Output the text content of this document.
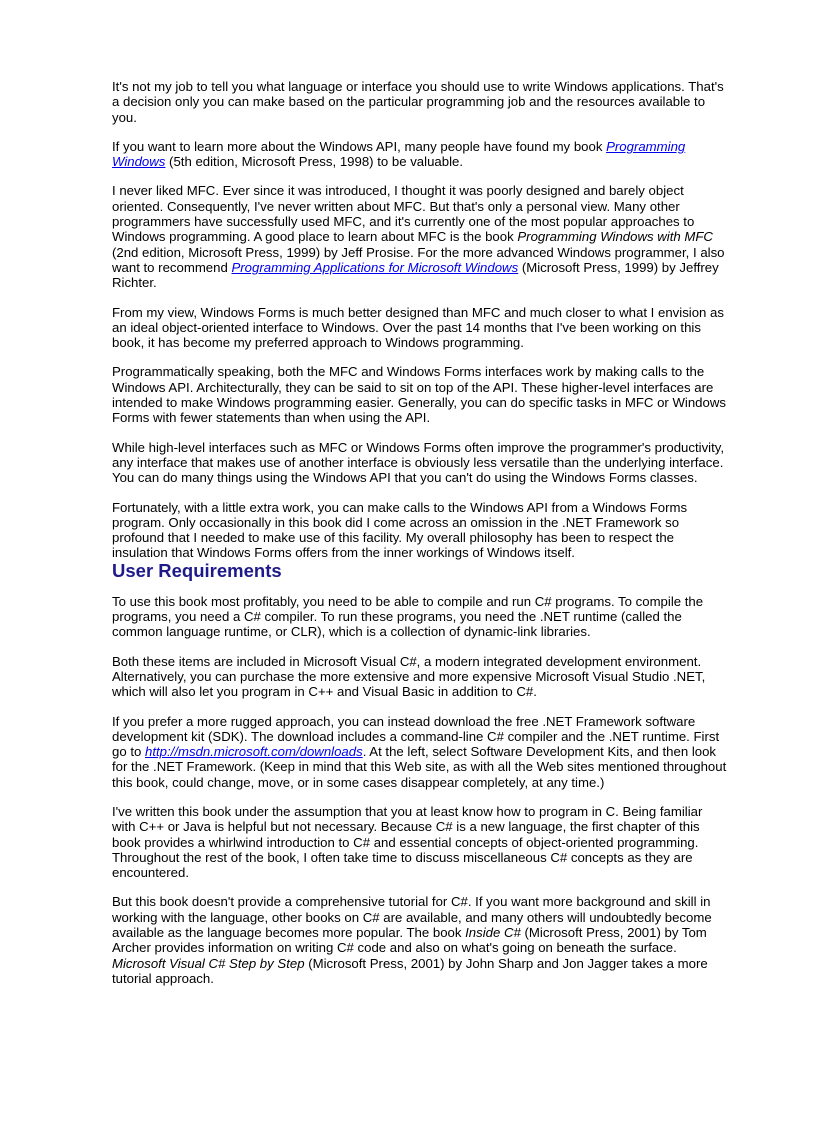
It's not my job to tell you what language or interface you should use to write Windows applications. That's a decision only you can make based on the particular programming job and the resources available to you.

If you want to learn more about the Windows API, many people have found my book Programming Windows (5th edition, Microsoft Press, 1998) to be valuable.

I never liked MFC. Ever since it was introduced, I thought it was poorly designed and barely object oriented. Consequently, I've never written about MFC. But that's only a personal view. Many other programmers have successfully used MFC, and it's currently one of the most popular approaches to Windows programming. A good place to learn about MFC is the book Programming Windows with MFC (2nd edition, Microsoft Press, 1999) by Jeff Prosise. For the more advanced Windows programmer, I also want to recommend Programming Applications for Microsoft Windows (Microsoft Press, 1999) by Jeffrey Richter.

From my view, Windows Forms is much better designed than MFC and much closer to what I envision as an ideal object-oriented interface to Windows. Over the past 14 months that I've been working on this book, it has become my preferred approach to Windows programming.

Programmatically speaking, both the MFC and Windows Forms interfaces work by making calls to the Windows API. Architecturally, they can be said to sit on top of the API. These higher-level interfaces are intended to make Windows programming easier. Generally, you can do specific tasks in MFC or Windows Forms with fewer statements than when using the API.

While high-level interfaces such as MFC or Windows Forms often improve the programmer's productivity, any interface that makes use of another interface is obviously less versatile than the underlying interface. You can do many things using the Windows API that you can't do using the Windows Forms classes.

Fortunately, with a little extra work, you can make calls to the Windows API from a Windows Forms program. Only occasionally in this book did I come across an omission in the .NET Framework so profound that I needed to make use of this facility. My overall philosophy has been to respect the insulation that Windows Forms offers from the inner workings of Windows itself.

User Requirements

To use this book most profitably, you need to be able to compile and run C# programs. To compile the programs, you need a C# compiler. To run these programs, you need the .NET runtime (called the common language runtime, or CLR), which is a collection of dynamic-link libraries.

Both these items are included in Microsoft Visual C#, a modern integrated development environment. Alternatively, you can purchase the more extensive and more expensive Microsoft Visual Studio .NET, which will also let you program in C++ and Visual Basic in addition to C#.

If you prefer a more rugged approach, you can instead download the free .NET Framework software development kit (SDK). The download includes a command-line C# compiler and the .NET runtime. First go to http://msdn.microsoft.com/downloads. At the left, select Software Development Kits, and then look for the .NET Framework. (Keep in mind that this Web site, as with all the Web sites mentioned throughout this book, could change, move, or in some cases disappear completely, at any time.)

I've written this book under the assumption that you at least know how to program in C. Being familiar with C++ or Java is helpful but not necessary. Because C# is a new language, the first chapter of this book provides a whirlwind introduction to C# and essential concepts of object-oriented programming. Throughout the rest of the book, I often take time to discuss miscellaneous C# concepts as they are encountered.

But this book doesn't provide a comprehensive tutorial for C#. If you want more background and skill in working with the language, other books on C# are available, and many others will undoubtedly become available as the language becomes more popular. The book Inside C# (Microsoft Press, 2001) by Tom Archer provides information on writing C# code and also on what's going on beneath the surface. Microsoft Visual C# Step by Step (Microsoft Press, 2001) by John Sharp and Jon Jagger takes a more tutorial approach.
